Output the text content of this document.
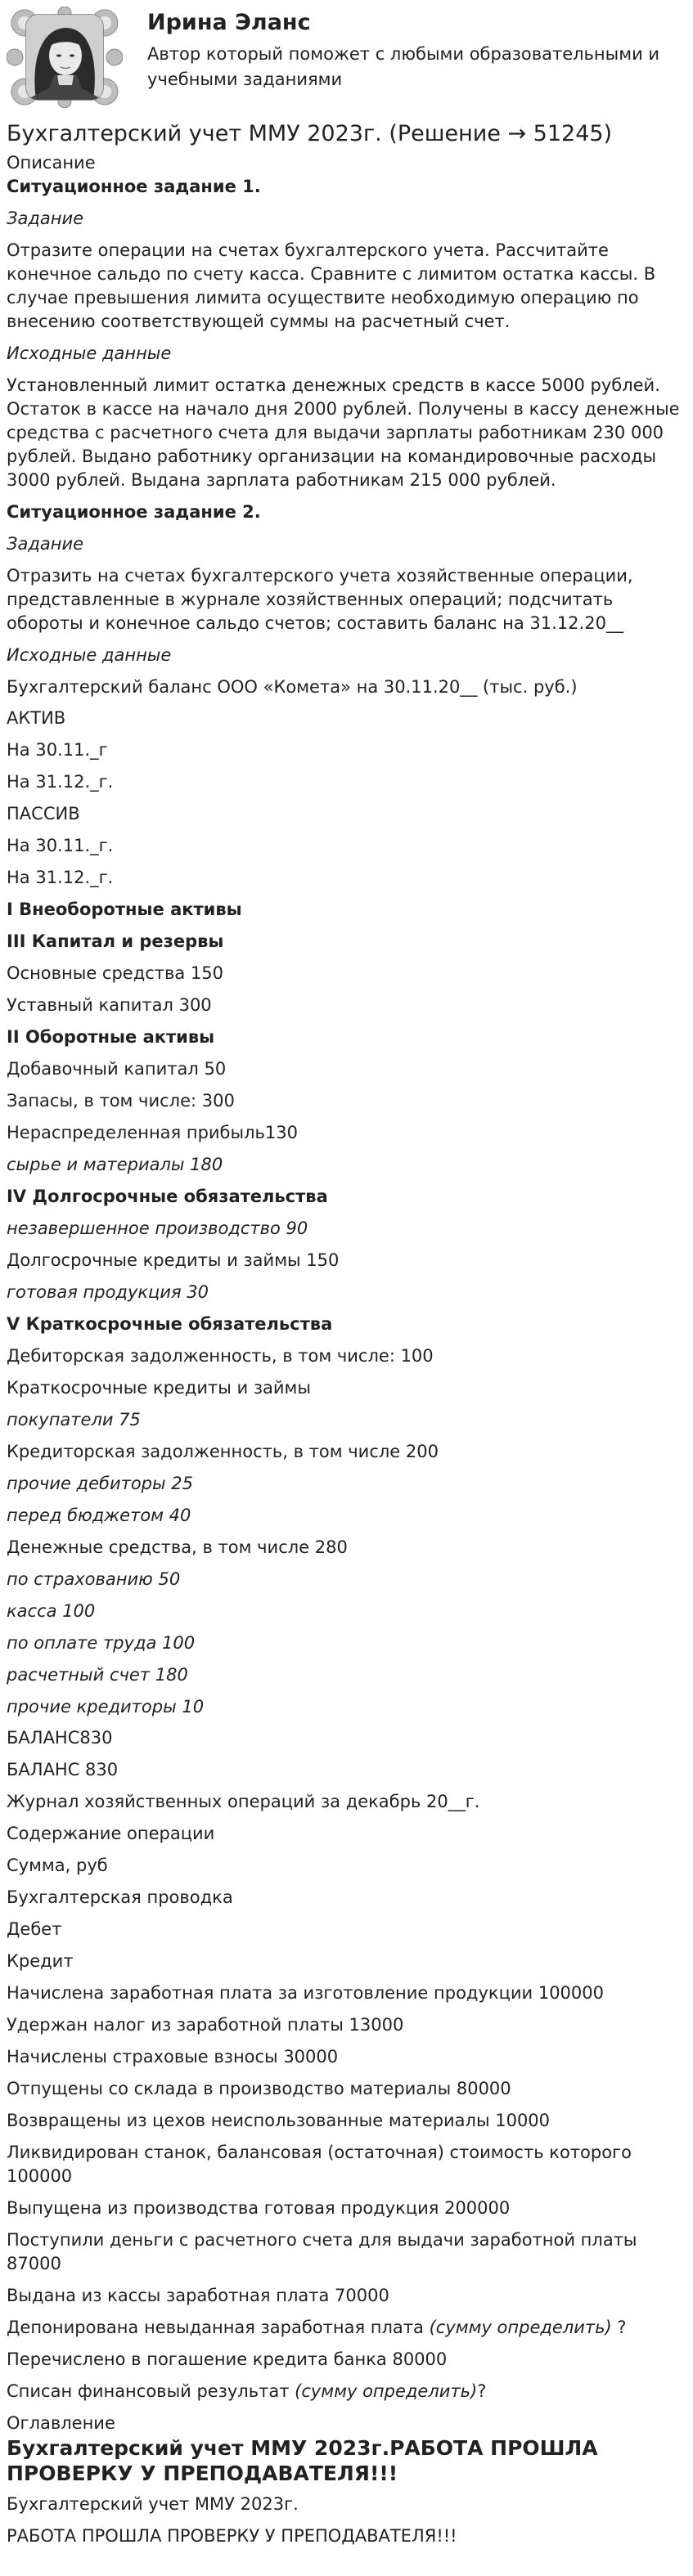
Ирина Эланс
Автор который поможет с любыми образовательными и учебными заданиями
Бухгалтерский учет ММУ 2023г. (Решение → 51245)
Описание

Ситуационное задание 1.

Задание

Отразите операции на счетах бухгалтерского учета. Рассчитайте конечное сальдо по счету касса. Сравните с лимитом остатка кассы. В случае превышения лимита осуществите необходимую операцию по внесению соответствующей суммы на расчетный счет.

Исходные данные

Установленный лимит остатка денежных средств в кассе 5000 рублей. Остаток в кассе на начало дня 2000 рублей. Получены в кассу денежные средства с расчетного счета для выдачи зарплаты работникам 230 000 рублей. Выдано работнику организации на командировочные расходы 3000 рублей. Выдана зарплата работникам 215 000 рублей.

Ситуационное задание 2.

Задание

Отразить на счетах бухгалтерского учета хозяйственные операции, представленные в журнале хозяйственных операций; подсчитать обороты и конечное сальдо счетов; составить баланс на 31.12.20__

Исходные данные

Бухгалтерский баланс ООО «Комета» на 30.11.20__ (тыс. руб.)

АКТИВ

На 30.11._г

На 31.12._г.

ПАССИВ

На 30.11._г.

На 31.12._г.

I Внеоборотные активы

III Капитал и резервы

Основные средства 150

Уставный капитал 300

II Оборотные активы

Добавочный капитал 50

Запасы, в том числе: 300

Нераспределенная прибыль130

сырье и материалы 180

IV Долгосрочные обязательства

незавершенное производство 90

Долгосрочные кредиты и займы 150

готовая продукция 30

V Краткосрочные обязательства

Дебиторская задолженность, в том числе: 100

Краткосрочные кредиты и займы

покупатели 75

Кредиторская задолженность, в том числе 200

прочие дебиторы 25

перед бюджетом 40

Денежные средства, в том числе 280

по страхованию 50

касса 100

по оплате труда 100

расчетный счет 180

прочие кредиторы 10

БАЛАНС830

БАЛАНС 830

Журнал хозяйственных операций за декабрь 20__г.

Содержание операции

Сумма, руб

Бухгалтерская проводка

Дебет

Кредит

Начислена заработная плата за изготовление продукции 100000

Удержан налог из заработной платы 13000

Начислены страховые взносы 30000

Отпущены со склада в производство материалы 80000

Возвращены из цехов неиспользованные материалы 10000

Ликвидирован станок, балансовая (остаточная) стоимость которого 100000

Выпущена из производства готовая продукция 200000

Поступили деньги с расчетного счета для выдачи заработной платы 87000

Выдана из кассы заработная плата 70000

Депонирована невыданная заработная плата (сумму определить) ?

Перечислено в погашение кредита банка 80000

Списан финансовый результат (сумму определить)?

Оглавление
Бухгалтерский учет ММУ 2023г.РАБОТА ПРОШЛА ПРОВЕРКУ У ПРЕПОДАВАТЕЛЯ!!!

Бухгалтерский учет ММУ 2023г.

РАБОТА ПРОШЛА ПРОВЕРКУ У ПРЕПОДАВАТЕЛЯ!!!
